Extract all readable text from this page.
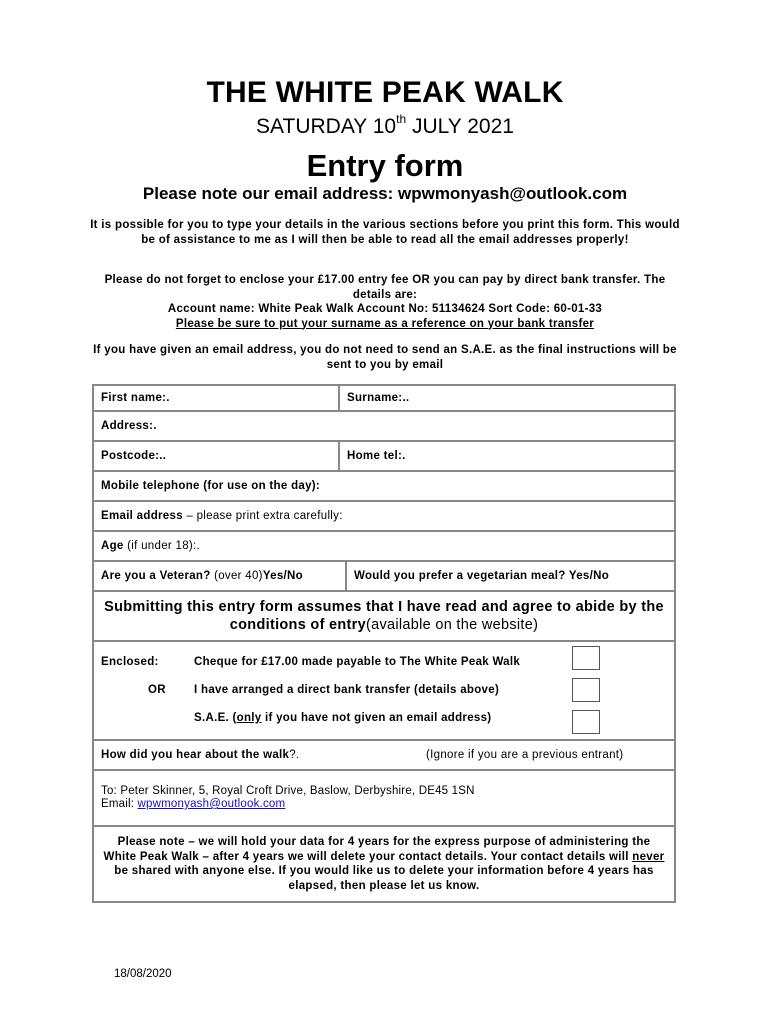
THE WHITE PEAK WALK
SATURDAY 10th JULY 2021
Entry form
Please note our email address: wpwmonyash@outlook.com
It is possible for you to type your details in the various sections before you print this form. This would be of assistance to me as I will then be able to read all the email addresses properly!
Please do not forget to enclose your £17.00 entry fee OR you can pay by direct bank transfer. The details are:
Account name: White Peak Walk Account No: 51134624 Sort Code: 60-01-33
Please be sure to put your surname as a reference on your bank transfer
If you have given an email address, you do not need to send an S.A.E. as the final instructions will be sent to you by email
First name:.	Surname:..
Address:.
Postcode:..	Home tel:.
Mobile telephone (for use on the day):
Email address – please print extra carefully:
Age (if under 18):.
Are you a Veteran? (over 40) Yes/No	Would you prefer a vegetarian meal? Yes/No
Submitting this entry form assumes that I have read and agree to abide by the conditions of entry(available on the website)
Enclosed:	Cheque for £17.00 made payable to The White Peak Walk
OR I have arranged a direct bank transfer (details above)
S.A.E. (only if you have not given an email address)
How did you hear about the walk ?.	(Ignore if you are a previous entrant)
To: Peter Skinner, 5, Royal Croft Drive, Baslow, Derbyshire, DE45 1SN
Email: wpwmonyash@outlook.com
Please note – we will hold your data for 4 years for the express purpose of administering the White Peak Walk – after 4 years we will delete your contact details. Your contact details will never be shared with anyone else. If you would like us to delete your information before 4 years has elapsed, then please let us know.
18/08/2020
